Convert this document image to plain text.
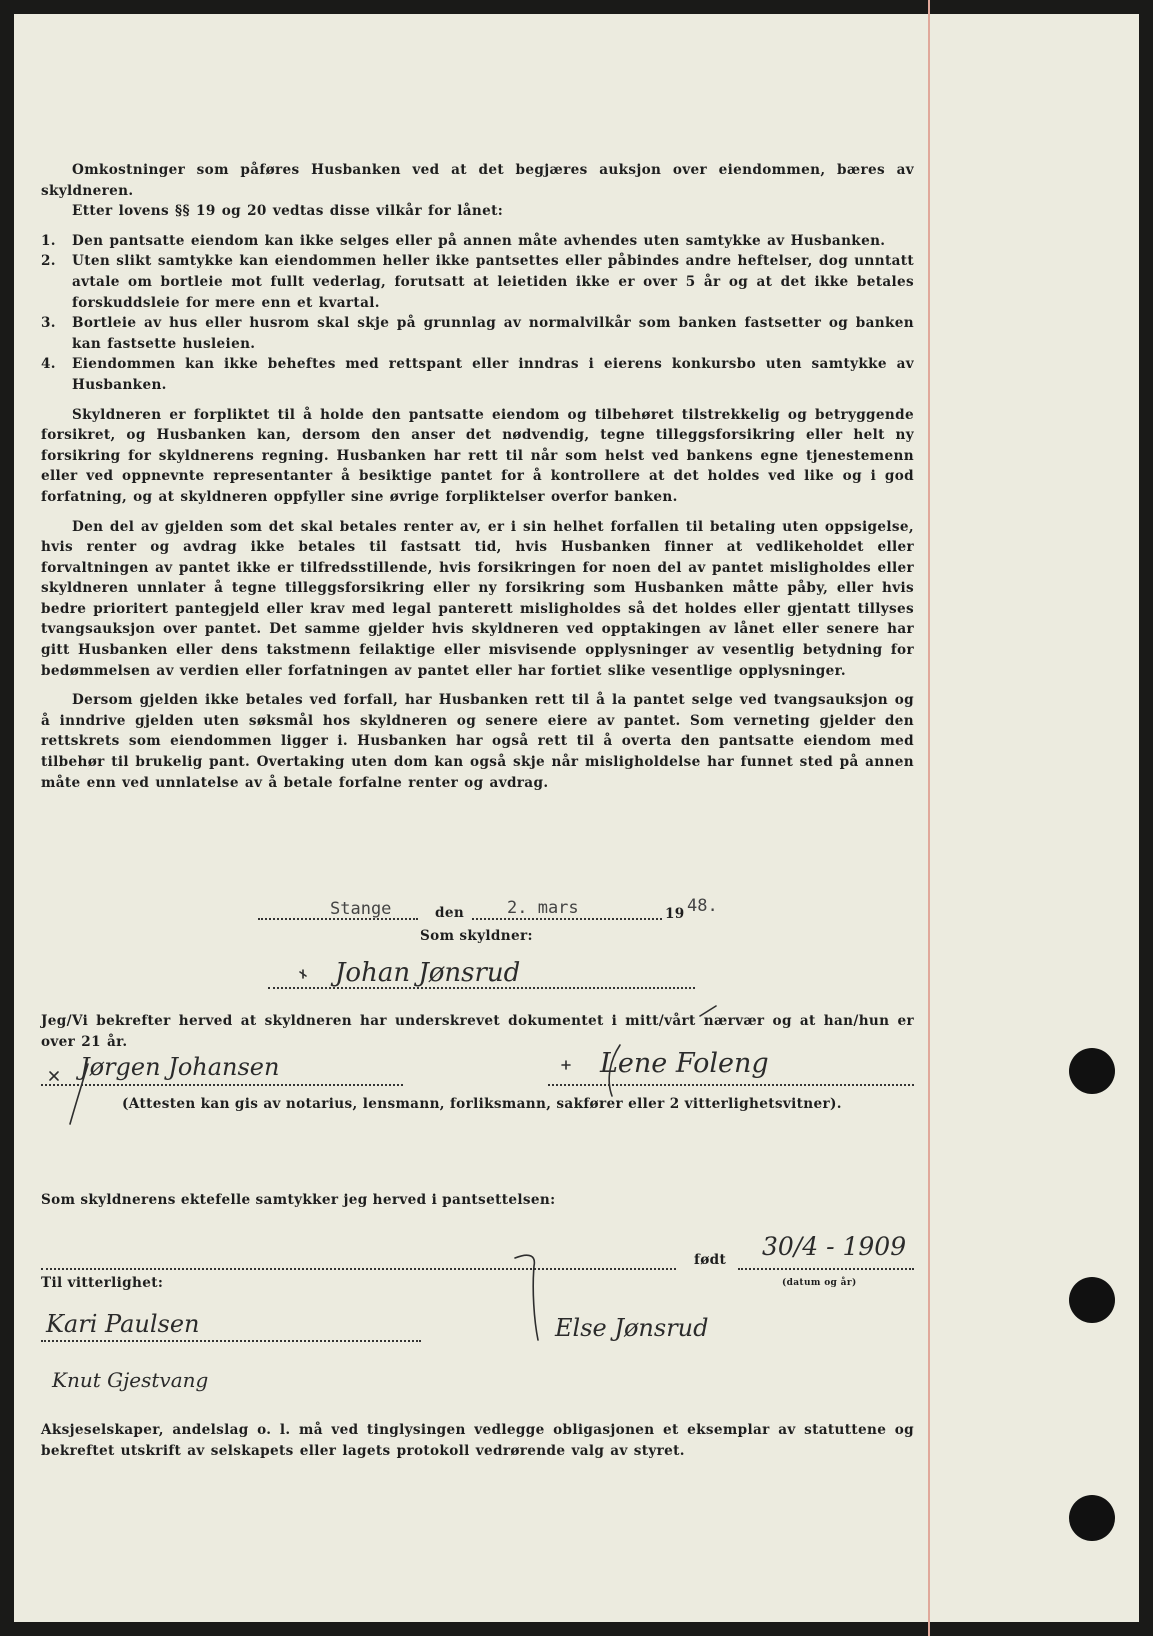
Omkostninger som påføres Husbanken ved at det begjæres auksjon over eiendommen, bæres av skyldneren.
Etter lovens §§ 19 og 20 vedtas disse vilkår for lånet:
1.	Den pantsatte eiendom kan ikke selges eller på annen måte avhendes uten samtykke av Husbanken.
2.	Uten slikt samtykke kan eiendommen heller ikke pantsettes eller påbindes andre heftelser, dog unntatt avtale om bortleie mot fullt vederlag, forutsatt at leietiden ikke er over 5 år og at det ikke betales forskuddsleie for mere enn et kvartal.
3.	Bortleie av hus eller husrom skal skje på grunnlag av normalvilkår som banken fastsetter og banken kan fastsette husleien.
4.	Eiendommen kan ikke beheftes med rettspant eller inndras i eierens konkursbo uten samtykke av Husbanken.
Skyldneren er forpliktet til å holde den pantsatte eiendom og tilbehøret tilstrekkelig og betryggende forsikret, og Husbanken kan, dersom den anser det nødvendig, tegne tilleggsforsikring eller helt ny forsikring for skyldnerens regning. Husbanken har rett til når som helst ved bankens egne tjenestemenn eller ved oppnevnte representanter å besiktige pantet for å kontrollere at det holdes ved like og i god forfatning, og at skyldneren oppfyller sine øvrige forpliktelser overfor banken.
Den del av gjelden som det skal betales renter av, er i sin helhet forfallen til betaling uten oppsigelse, hvis renter og avdrag ikke betales til fastsatt tid, hvis Husbanken finner at vedlikeholdet eller forvaltningen av pantet ikke er tilfredsstillende, hvis forsikringen for noen del av pantet misligholdes eller skyldneren unnlater å tegne tilleggsforsikring eller ny forsikring som Husbanken måtte påby, eller hvis bedre prioritert pantegjeld eller krav med legal panterett misligholdes så det holdes eller gjentatt tillyses tvangsauksjon over pantet. Det samme gjelder hvis skyldneren ved opptakingen av lånet eller senere har gitt Husbanken eller dens takstmenn feilaktige eller misvisende opplysninger av vesentlig betydning for bedømmelsen av verdien eller forfatningen av pantet eller har fortiet slike vesentlige opplysninger.
Dersom gjelden ikke betales ved forfall, har Husbanken rett til å la pantet selge ved tvangsauksjon og å inndrive gjelden uten søksmål hos skyldneren og senere eiere av pantet. Som verneting gjelder den rettskrets som eiendommen ligger i. Husbanken har også rett til å overta den pantsatte eiendom med tilbehør til brukelig pant. Overtaking uten dom kan også skje når misligholdelse har funnet sted på annen måte enn ved unnlatelse av å betale forfalne renter og avdrag.
Stange	den	2. mars	19 48.
Som skyldner:
Johan Jønsrud
Jeg/Vi bekrefter herved at skyldneren har underskrevet dokumentet i mitt/vårt nærvær og at han/hun er over 21 år.
Jørgen Johansen	Lene Foleng
(Attesten kan gis av notarius, lensmann, forliksmann, sakfører eller 2 vitterlighetsvitner).
Som skyldnerens ektefelle samtykker jeg herved i pantsettelsen:
født 30/4 - 1909
(datum og år)
Til vitterlighet:
Kari Paulsen
Knut Gjestvang
Else Jønsrud
Aksjeselskaper, andelslag o. l. må ved tinglysingen vedlegge obligasjonen et eksemplar av statuttene og bekreftet utskrift av selskapets eller lagets protokoll vedrørende valg av styret.
